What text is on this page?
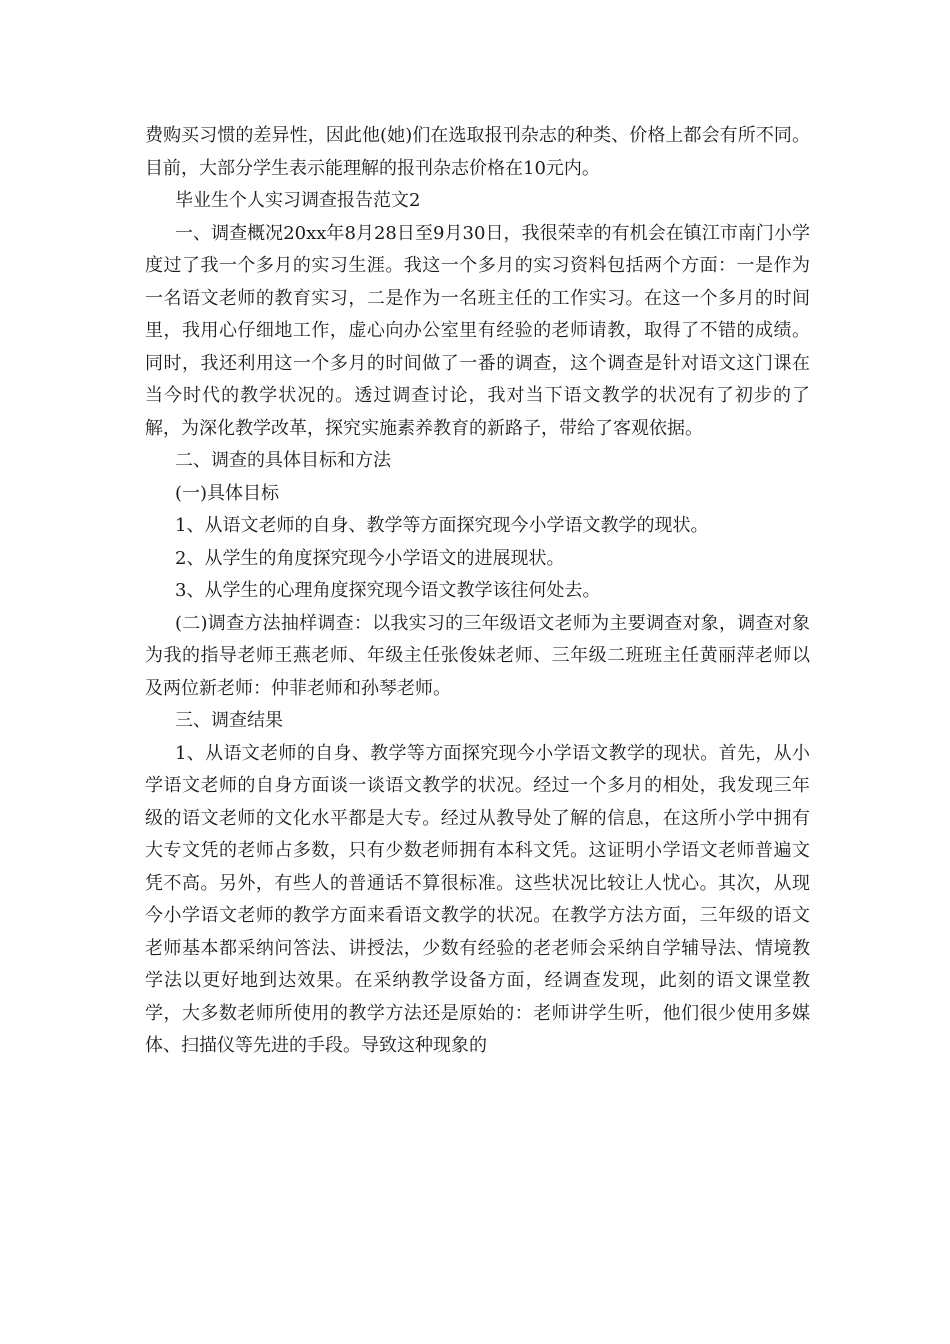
费购买习惯的差异性，因此他(她)们在选取报刊杂志的种类、价格上都会有所不同。目前，大部分学生表示能理解的报刊杂志价格在10元内。

毕业生个人实习调查报告范文2

一、调查概况20xx年8月28日至9月30日，我很荣幸的有机会在镇江市南门小学度过了我一个多月的实习生涯。我这一个多月的实习资料包括两个方面：一是作为一名语文老师的教育实习，二是作为一名班主任的工作实习。在这一个多月的时间里，我用心仔细地工作，虚心向办公室里有经验的老师请教，取得了不错的成绩。同时，我还利用这一个多月的时间做了一番的调查，这个调查是针对语文这门课在当今时代的教学状况的。透过调查讨论，我对当下语文教学的状况有了初步的了解，为深化教学改革，探究实施素养教育的新路子，带给了客观依据。

二、调查的具体目标和方法

(一)具体目标

1、从语文老师的自身、教学等方面探究现今小学语文教学的现状。

2、从学生的角度探究现今小学语文的进展现状。

3、从学生的心理角度探究现今语文教学该往何处去。

(二)调查方法抽样调查：以我实习的三年级语文老师为主要调查对象，调查对象为我的指导老师王燕老师、年级主任张俊妹老师、三年级二班班主任黄丽萍老师以及两位新老师：仲菲老师和孙琴老师。

三、调查结果

1、从语文老师的自身、教学等方面探究现今小学语文教学的现状。首先，从小学语文老师的自身方面谈一谈语文教学的状况。经过一个多月的相处，我发现三年级的语文老师的文化水平都是大专。经过从教导处了解的信息，在这所小学中拥有大专文凭的老师占多数，只有少数老师拥有本科文凭。这证明小学语文老师普遍文凭不高。另外，有些人的普通话不算很标准。这些状况比较让人忧心。其次，从现今小学语文老师的教学方面来看语文教学的状况。在教学方法方面，三年级的语文老师基本都采纳问答法、讲授法，少数有经验的老老师会采纳自学辅导法、情境教学法以更好地到达效果。在采纳教学设备方面，经调查发现，此刻的语文课堂教学，大多数老师所使用的教学方法还是原始的：老师讲学生听，他们很少使用多媒体、扫描仪等先进的手段。导致这种现象的
